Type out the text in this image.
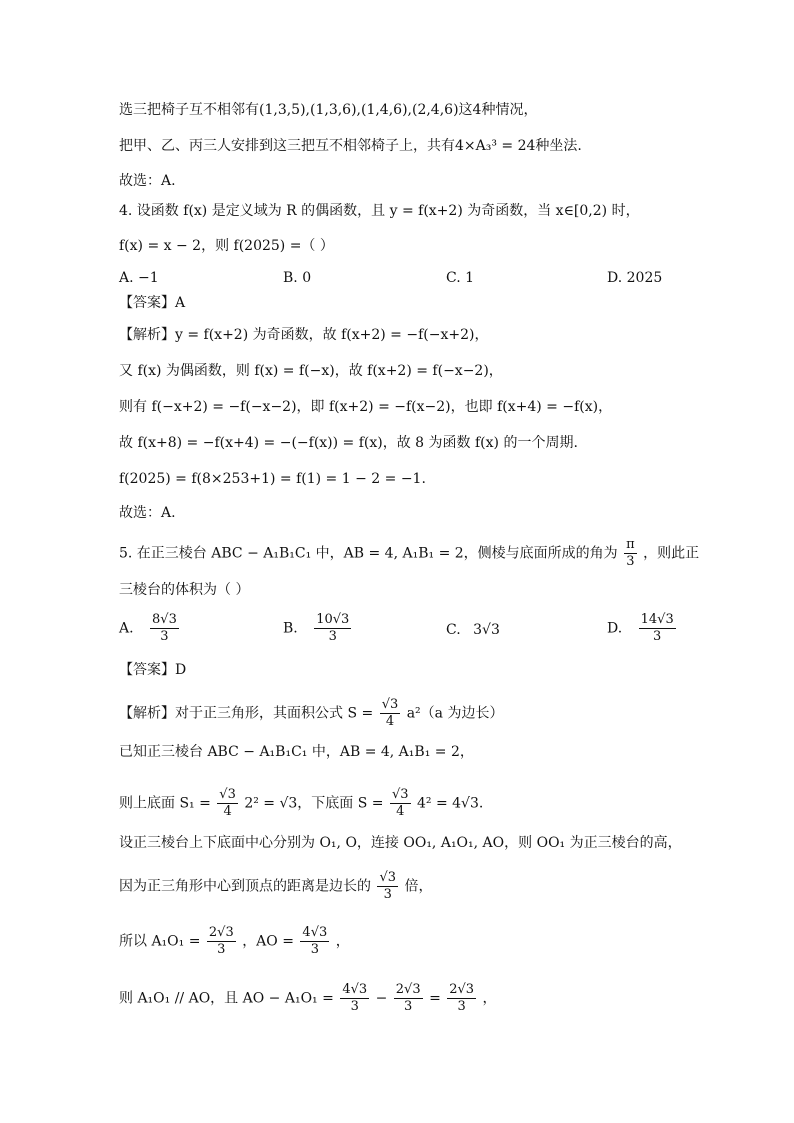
选三把椅子互不相邻有(1,3,5),(1,3,6),(1,4,6),(2,4,6)这4种情况，
把甲、乙、丙三人安排到这三把互不相邻椅子上，共有4×A₃³ = 24种坐法.
故选：A.
4. 设函数 f(x) 是定义域为 R 的偶函数，且 y = f(x+2) 为奇函数，当 x∈[0,2) 时，
f(x) = x − 2，则 f(2025) =（ ）
A. −1	B. 0	C. 1	D. 2025
【答案】A
【解析】y = f(x+2) 为奇函数，故 f(x+2) = −f(−x+2)，
又 f(x) 为偶函数，则 f(x) = f(−x)，故 f(x+2) = f(−x−2)，
则有 f(−x+2) = −f(−x−2)，即 f(x+2) = −f(x−2)，也即 f(x+4) = −f(x)，
故 f(x+8) = −f(x+4) = −(−f(x)) = f(x)，故 8 为函数 f(x) 的一个周期.
f(2025) = f(8×253+1) = f(1) = 1 − 2 = −1.
故选：A.
5. 在正三棱台 ABC − A₁B₁C₁ 中，AB = 4, A₁B₁ = 2，侧棱与底面所成的角为 $\frac{\pi}{3}$ ，则此正
三棱台的体积为（ ）
A. $\frac{8√3}{3}$	B. $\frac{10√3}{3}$	C. 3√3	D. $\frac{14√3}{3}$
【答案】D
【解析】对于正三角形，其面积公式 $S = \frac{√3}{4} a^2(a$ 为边长）
已知正三棱台 ABC − A₁B₁C₁ 中，AB = 4, A₁B₁ = 2，
则上底面 $S_1 = \frac{√3}{4} 2^2 = √3$，下底面 $S = \frac{√3}{4} 4^2 = 4√3$.
设正三棱台上下底面中心分别为 O₁, O，连接 OO₁, A₁O₁, AO，则 OO₁ 为正三棱台的高，
因为正三角形中心到顶点的距离是边长的 $\frac{√3}{3}$ 倍，
所以 $A_1O_1 = \frac{2√3}{3}$ ，AO = $\frac{4√3}{3}$ ，
则 A₁O₁ // AO，且 AO − $A_1O_1 = \frac{4√3}{3} - \frac{2√3}{3} = \frac{2√3}{3}$ ，
